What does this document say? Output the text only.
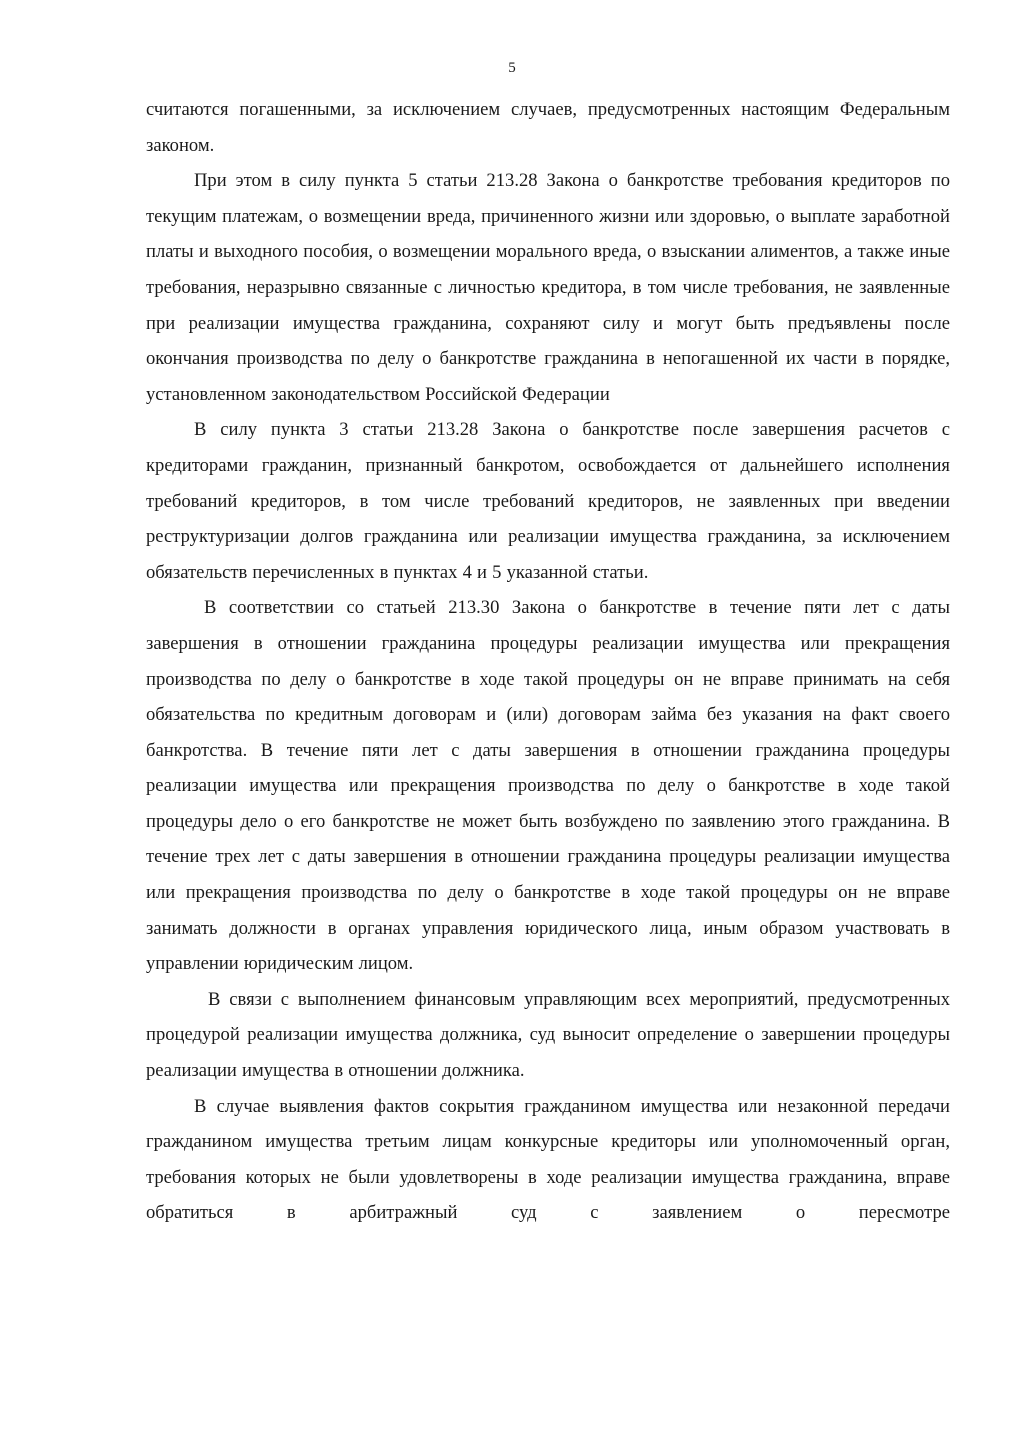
5

считаются погашенными, за исключением случаев, предусмотренных настоящим Федеральным законом.

При этом в силу пункта 5 статьи 213.28 Закона о банкротстве требования кредиторов по текущим платежам, о возмещении вреда, причиненного жизни или здоровью, о выплате заработной платы и выходного пособия, о возмещении морального вреда, о взыскании алиментов, а также иные требования, неразрывно связанные с личностью кредитора, в том числе требования, не заявленные при реализации имущества гражданина, сохраняют силу и могут быть предъявлены после окончания производства по делу о банкротстве гражданина в непогашенной их части в порядке, установленном законодательством Российской Федерации

В силу пункта 3 статьи 213.28 Закона о банкротстве после завершения расчетов с кредиторами гражданин, признанный банкротом, освобождается от дальнейшего исполнения требований кредиторов, в том числе требований кредиторов, не заявленных при введении реструктуризации долгов гражданина или реализации имущества гражданина, за исключением обязательств перечисленных в пунктах 4 и 5 указанной статьи.

В соответствии со статьей 213.30 Закона о банкротстве в течение пяти лет с даты завершения в отношении гражданина процедуры реализации имущества или прекращения производства по делу о банкротстве в ходе такой процедуры он не вправе принимать на себя обязательства по кредитным договорам и (или) договорам займа без указания на факт своего банкротства. В течение пяти лет с даты завершения в отношении гражданина процедуры реализации имущества или прекращения производства по делу о банкротстве в ходе такой процедуры дело о его банкротстве не может быть возбуждено по заявлению этого гражданина. В течение трех лет с даты завершения в отношении гражданина процедуры реализации имущества или прекращения производства по делу о банкротстве в ходе такой процедуры он не вправе занимать должности в органах управления юридического лица, иным образом участвовать в управлении юридическим лицом.

В связи с выполнением финансовым управляющим всех мероприятий, предусмотренных процедурой реализации имущества должника, суд выносит определение о завершении процедуры реализации имущества в отношении должника.

В случае выявления фактов сокрытия гражданином имущества или незаконной передачи гражданином имущества третьим лицам конкурсные кредиторы или уполномоченный орган, требования которых не были удовлетворены в ходе реализации имущества гражданина, вправе обратиться в арбитражный суд с заявлением о пересмотре
